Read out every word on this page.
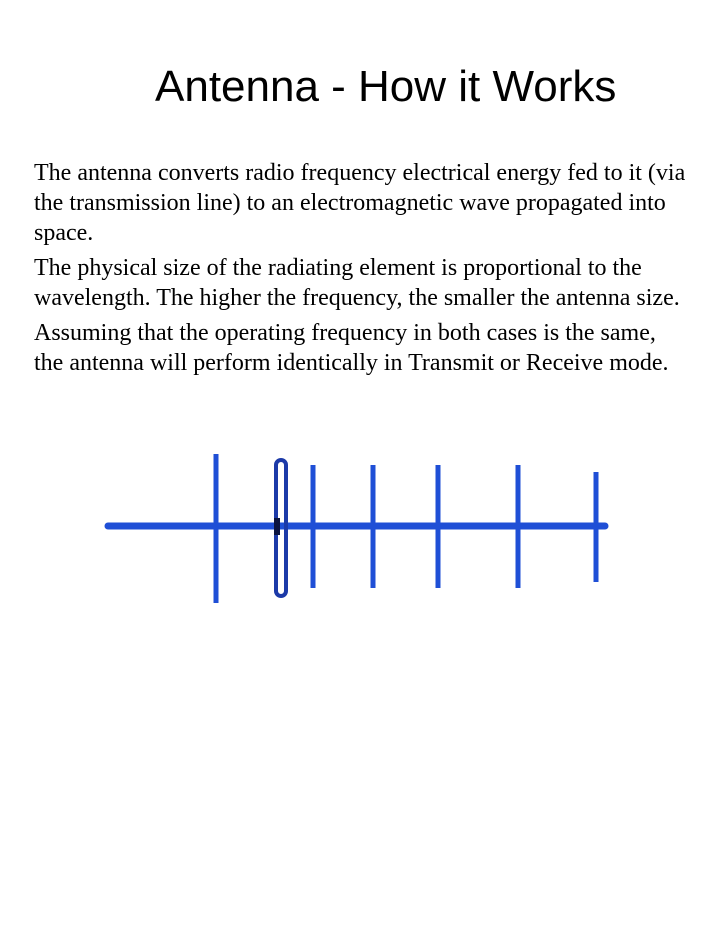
Antenna - How it Works

The antenna converts radio frequency electrical energy fed to it (via
the transmission line) to an electromagnetic wave propagated into
space.

The physical size of the radiating element is proportional to the
wavelength. The higher the frequency, the smaller the antenna size.

Assuming that the operating frequency in both cases is the same,
the antenna will perform identically in Transmit or Receive mode.
